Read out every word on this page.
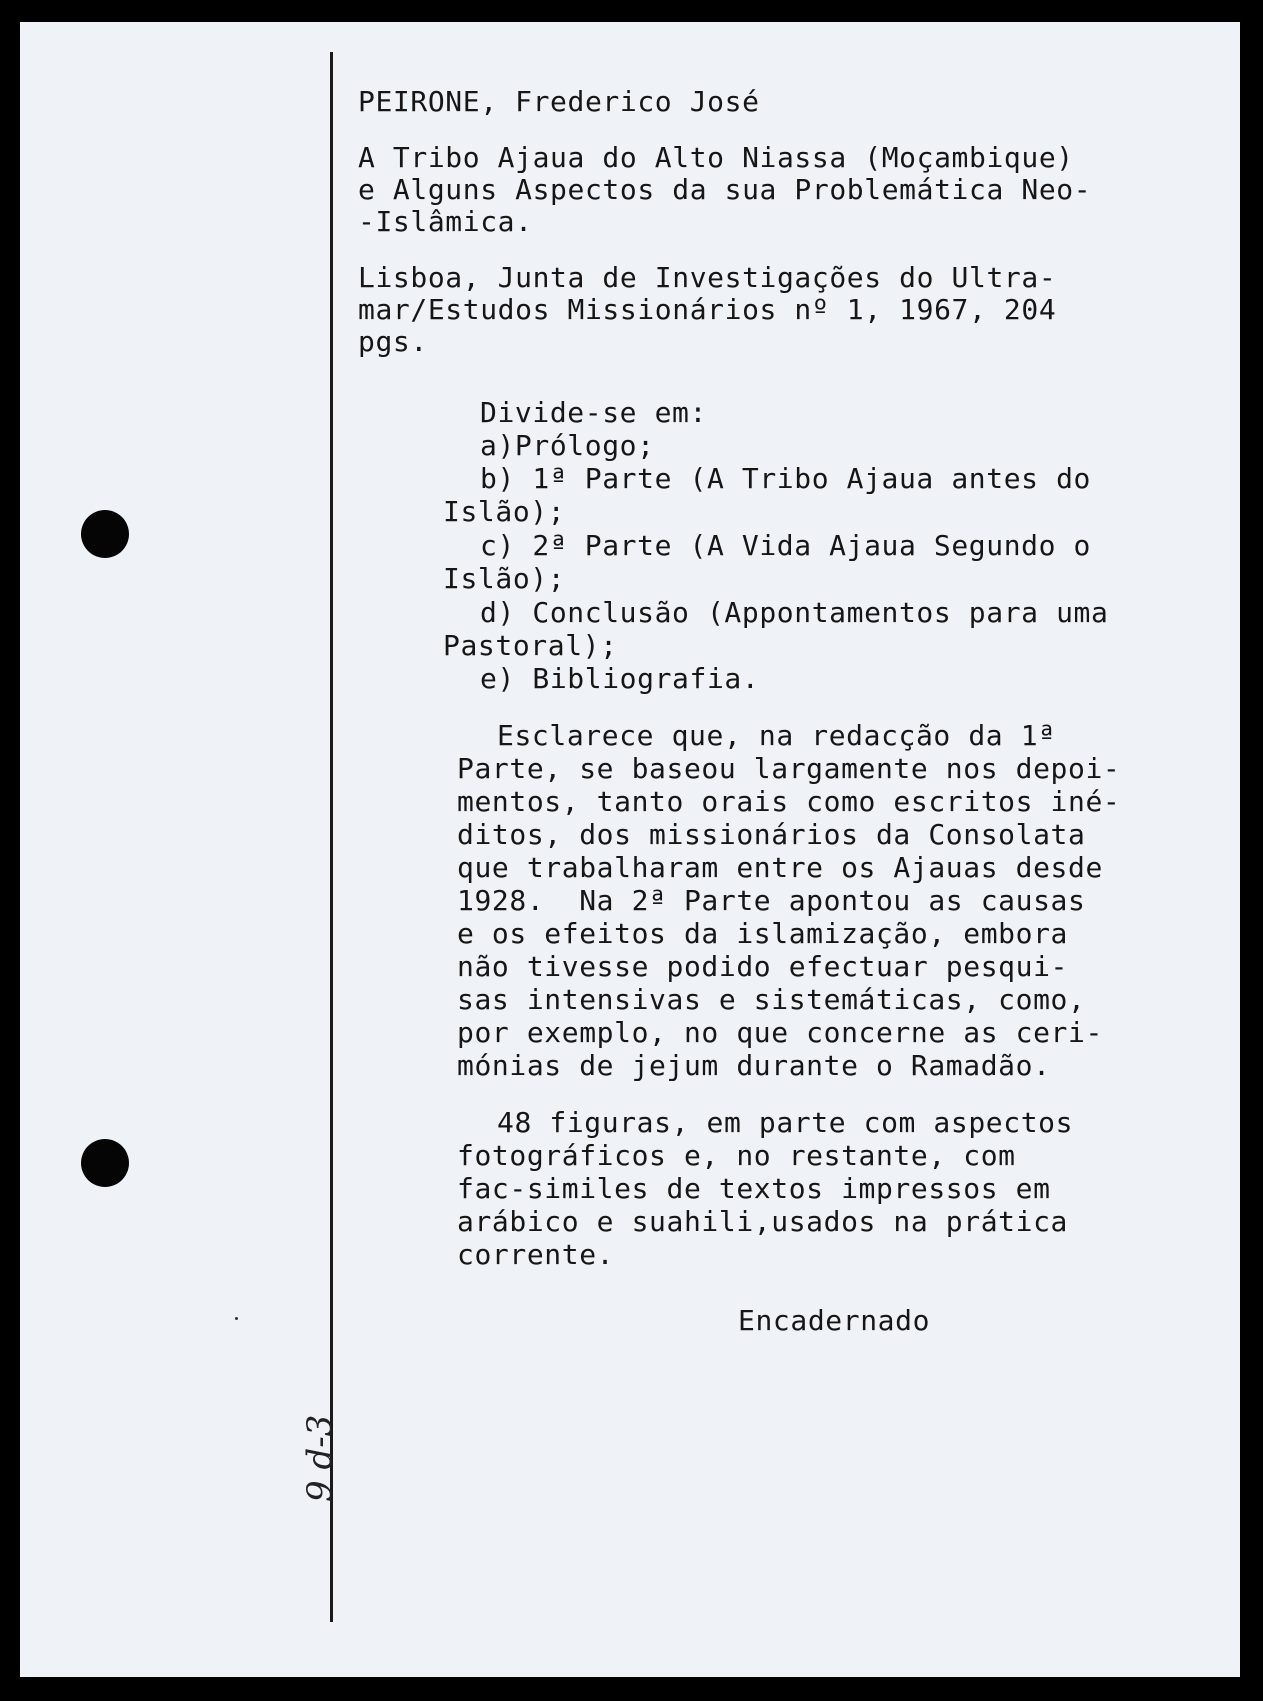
PEIRONE, Frederico José
A Tribo Ajaua do Alto Niassa (Moçambique)
e Alguns Aspectos da sua Problemática Neo-
-Islâmica.
Lisboa, Junta de Investigações do Ultra-
mar/Estudos Missionários nº 1, 1967, 204
pgs.
Divide-se em:
a)Prólogo;
b) 1ª Parte (A Tribo Ajaua antes do
Islão);
c) 2ª Parte (A Vida Ajaua Segundo o
Islão);
d) Conclusão (Appontamentos para uma
Pastoral);
e) Bibliografia.
Esclarece que, na redacção da 1ª
Parte, se baseou largamente nos depoi-
mentos, tanto orais como escritos iné-
ditos, dos missionários da Consolata
que trabalharam entre os Ajauas desde
1928.  Na 2ª Parte apontou as causas
e os efeitos da islamização, embora
não tivesse podido efectuar pesqui-
sas intensivas e sistemáticas, como,
por exemplo, no que concerne as ceri-
mónias de jejum durante o Ramadão.
48 figuras, em parte com aspectos
fotográficos e, no restante, com
fac-similes de textos impressos em
arábico e suahili,usados na prática
corrente.
Encadernado
9 d-3
